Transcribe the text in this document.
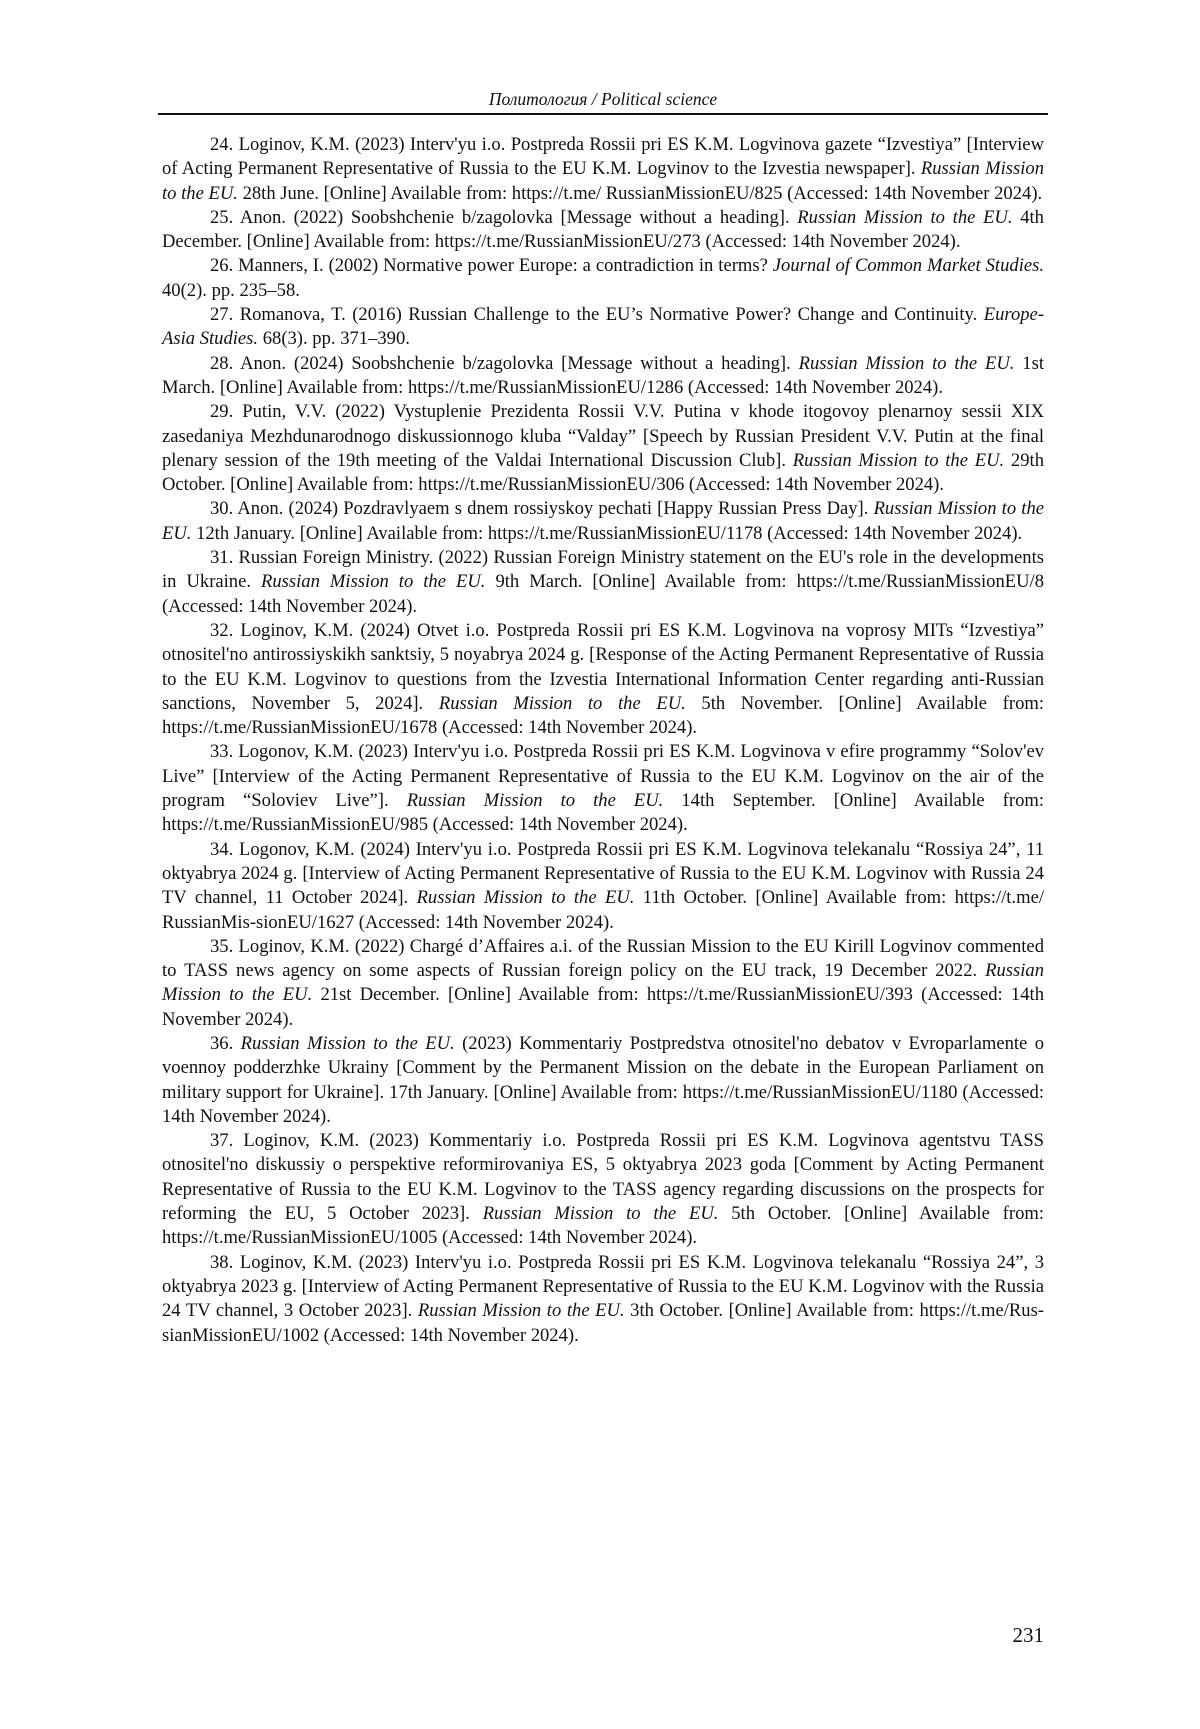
Политология / Political science

24. Loginov, K.M. (2023) Interv'yu i.o. Postpreda Rossii pri ES K.M. Logvinova gazete “Izvestiya” [Interview of Acting Permanent Representative of Russia to the EU K.M. Logvinov to the Izvestia newspaper]. Russian Mission to the EU. 28th June. [Online] Available from: https://t.me/ RussianMissionEU/825 (Accessed: 14th November 2024).

25. Anon. (2022) Soobshchenie b/zagolovka [Message without a heading]. Russian Mission to the EU. 4th December. [Online] Available from: https://t.me/RussianMissionEU/273 (Accessed: 14th November 2024).

26. Manners, I. (2002) Normative power Europe: a contradiction in terms? Journal of Common Market Studies. 40(2). pp. 235–58.

27. Romanova, T. (2016) Russian Challenge to the EU’s Normative Power? Change and Continuity. Europe-Asia Studies. 68(3). pp. 371–390.

28. Anon. (2024) Soobshchenie b/zagolovka [Message without a heading]. Russian Mission to the EU. 1st March. [Online] Available from: https://t.me/RussianMissionEU/1286 (Accessed: 14th November 2024).

29. Putin, V.V. (2022) Vystuplenie Prezidenta Rossii V.V. Putina v khode itogovoy plenarnoy sessii XIX zasedaniya Mezhdunarodnogo diskussionnogo kluba “Valday” [Speech by Russian President V.V. Putin at the final plenary session of the 19th meeting of the Valdai International Discussion Club]. Russian Mission to the EU. 29th October. [Online] Available from: https://t.me/RussianMissionEU/306 (Accessed: 14th November 2024).

30. Anon. (2024) Pozdravlyaem s dnem rossiyskoy pechati [Happy Russian Press Day]. Russian Mission to the EU. 12th January. [Online] Available from: https://t.me/RussianMissionEU/1178 (Accessed: 14th November 2024).

31. Russian Foreign Ministry. (2022) Russian Foreign Ministry statement on the EU's role in the developments in Ukraine. Russian Mission to the EU. 9th March. [Online] Available from: https://t.me/RussianMissionEU/8 (Accessed: 14th November 2024).

32. Loginov, K.M. (2024) Otvet i.o. Postpreda Rossii pri ES K.M. Logvinova na voprosy MITs “Izvestiya” otnositel'no antirossiyskikh sanktsiy, 5 noyabrya 2024 g. [Response of the Acting Permanent Representative of Russia to the EU K.M. Logvinov to questions from the Izvestia International Information Center regarding anti-Russian sanctions, November 5, 2024]. Russian Mission to the EU. 5th November. [Online] Available from: https://t.me/RussianMissionEU/1678 (Accessed: 14th November 2024).

33. Logonov, K.M. (2023) Interv'yu i.o. Postpreda Rossii pri ES K.M. Logvinova v efire programmy “Solov'ev Live” [Interview of the Acting Permanent Representative of Russia to the EU K.M. Logvinov on the air of the program “Soloviev Live”]. Russian Mission to the EU. 14th September. [Online] Available from: https://t.me/RussianMissionEU/985 (Accessed: 14th November 2024).

34. Logonov, K.M. (2024) Interv'yu i.o. Postpreda Rossii pri ES K.M. Logvinova telekanalu “Rossiya 24”, 11 oktyabrya 2024 g. [Interview of Acting Permanent Representative of Russia to the EU K.M. Logvinov with Russia 24 TV channel, 11 October 2024]. Russian Mission to the EU. 11th October. [Online] Available from: https://t.me/ RussianMis-sionEU/1627 (Accessed: 14th November 2024).

35. Loginov, K.M. (2022) Chargé d’Affaires a.i. of the Russian Mission to the EU Kirill Logvinov commented to TASS news agency on some aspects of Russian foreign policy on the EU track, 19 December 2022. Russian Mission to the EU. 21st December. [Online] Available from: https://t.me/RussianMissionEU/393 (Accessed: 14th November 2024).

36. Russian Mission to the EU. (2023) Kommentariy Postpredstva otnositel'no debatov v Evroparlamente o voennoy podderzhke Ukrainy [Comment by the Permanent Mission on the debate in the European Parliament on military support for Ukraine]. 17th January. [Online] Available from: https://t.me/RussianMissionEU/1180 (Accessed: 14th November 2024).

37. Loginov, K.M. (2023) Kommentariy i.o. Postpreda Rossii pri ES K.M. Logvinova agentstvu TASS otnositel'no diskussiy o perspektive reformirovaniya ES, 5 oktyabrya 2023 goda [Comment by Acting Permanent Representative of Russia to the EU K.M. Logvinov to the TASS agency regarding discussions on the prospects for reforming the EU, 5 October 2023]. Russian Mission to the EU. 5th October. [Online] Available from: https://t.me/RussianMissionEU/1005 (Accessed: 14th November 2024).

38. Loginov, K.M. (2023) Interv'yu i.o. Postpreda Rossii pri ES K.M. Logvinova telekanalu “Rossiya 24”, 3 oktyabrya 2023 g. [Interview of Acting Permanent Representative of Russia to the EU K.M. Logvinov with the Russia 24 TV channel, 3 October 2023]. Russian Mission to the EU. 3th October. [Online] Available from: https://t.me/Rus-sianMissionEU/1002 (Accessed: 14th November 2024).

231
